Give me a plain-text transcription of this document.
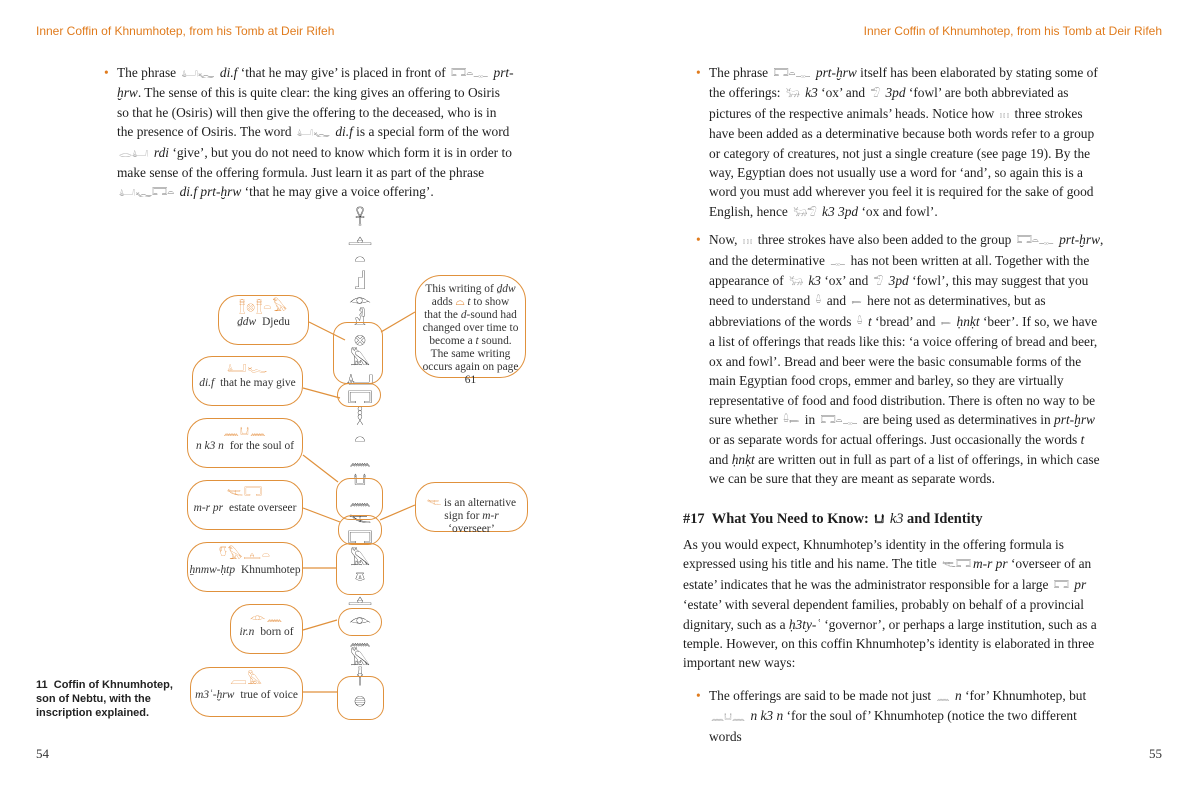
Inner Coffin of Khnumhotep, from his Tomb at Deir Rifeh
• The phrase 𓂞𓆑 di.f ‘that he may give’ is placed in front of 𓉐𓏏𓊃 prt-ḫrw. The sense of this is quite clear: the king gives an offering to Osiris so that he (Osiris) will then give the offering to the deceased, who is in the presence of Osiris. The word 𓂞𓆑 di.f is a special form of the word 𓂋𓂞 rdi ‘give’, but you do not need to know which form it is in order to make sense of the offering formula. Just learn it as part of the phrase 𓂞𓆑𓉐𓏏 di.f prt-ḫrw ‘that he may give a voice offering’.
𓋹
𓊵
𓏏
𓊨
𓁹
𓁐
𓊖
𓅓
𓂞
𓉐
𓎛
𓏏
𓈖
𓂓
𓈖
𓌻
𓉐
𓅓
𓎼
𓊵
𓁹
𓈖
𓅓
𓌂
𓐍
𓊽𓊖𓊽𓏏𓅃
ḏdw Djedu
𓂞𓆑
di.f that he may give
𓈖𓂓𓈖
n k3 n for the soul of
𓌻𓉐
m-r pr estate overseer
𓎸𓅃𓊵𓏏
ẖnmw-ḥtp Khnumhotep
𓁹𓈖
ir.n born of
𓐙𓅓
m3ʿ-ḫrw true of voice
This writing of ḏdw adds ⌓ t to show that the d-sound had changed over time to become a t sound. The same writing occurs again on page 61
𓌻 is an alternative sign for m-r ‘overseer’
11 Coffin of Khnumhotep, son of Nebtu, with the inscription explained.
54
Inner Coffin of Khnumhotep, from his Tomb at Deir Rifeh
• The phrase 𓉐𓏏𓊃 prt-ḫrw itself has been elaborated by stating some of the offerings: 𓃒 k3 ‘ox’ and 𓅿 3pd ‘fowl’ are both abbreviated as pictures of the respective animals’ heads. Notice how 𓏥 three strokes have been added as a determinative because both words refer to a group or category of creatures, not just a single creature (see page 19). By the way, Egyptian does not usually use a word for ‘and’, so again this is a word you must add wherever you feel it is required for the sake of good English, hence 𓃒𓅿 k3 3pd ‘ox and fowl’.
• Now, 𓏥 three strokes have also been added to the group 𓉐𓏏𓊃 prt-ḫrw, and the determinative 𓊃 has not been written at all. Together with the appearance of 𓃒 k3 ‘ox’ and 𓅿 3pd ‘fowl’, this may suggest that you need to understand 𓏐 and 𓎀 here not as determinatives, but as abbreviations of the words 𓏐 t ‘bread’ and 𓎀 ḥnḳt ‘beer’. If so, we have a list of offerings that reads like this: ‘a voice offering of bread and beer, ox and fowl’. Bread and beer were the basic consumable forms of the main Egyptian food crops, emmer and barley, so they are virtually representative of food and food distribution. There is often no way to be sure whether 𓏐𓎀 in 𓉐𓏏𓊃 are being used as determinatives in prt-ḫrw or as separate words for actual offerings. Just occasionally the words t and ḥnḳt are written out in full as part of a list of offerings, in which case we can be sure that they are meant as separate words.
#17 What You Need to Know: 𓂓 k3 and Identity

As you would expect, Khnumhotep’s identity in the offering formula is expressed using his title and his name. The title 𓌻𓉐 m-r pr ‘overseer of an estate’ indicates that he was the administrator responsible for a large 𓉐 pr ‘estate’ with several dependent families, probably on behalf of a provincial dignitary, such as a ḥ3ty-ʿ ‘governor’, or perhaps a large institution, such as a temple. However, on this coffin Khnumhotep’s identity is elaborated in three important new ways:

• The offerings are said to be made not just 𓈖 n ‘for’ Khnumhotep, but 𓈖𓂓𓈖 n k3 n ‘for the soul of’ Khnumhotep (notice the two different words
55
